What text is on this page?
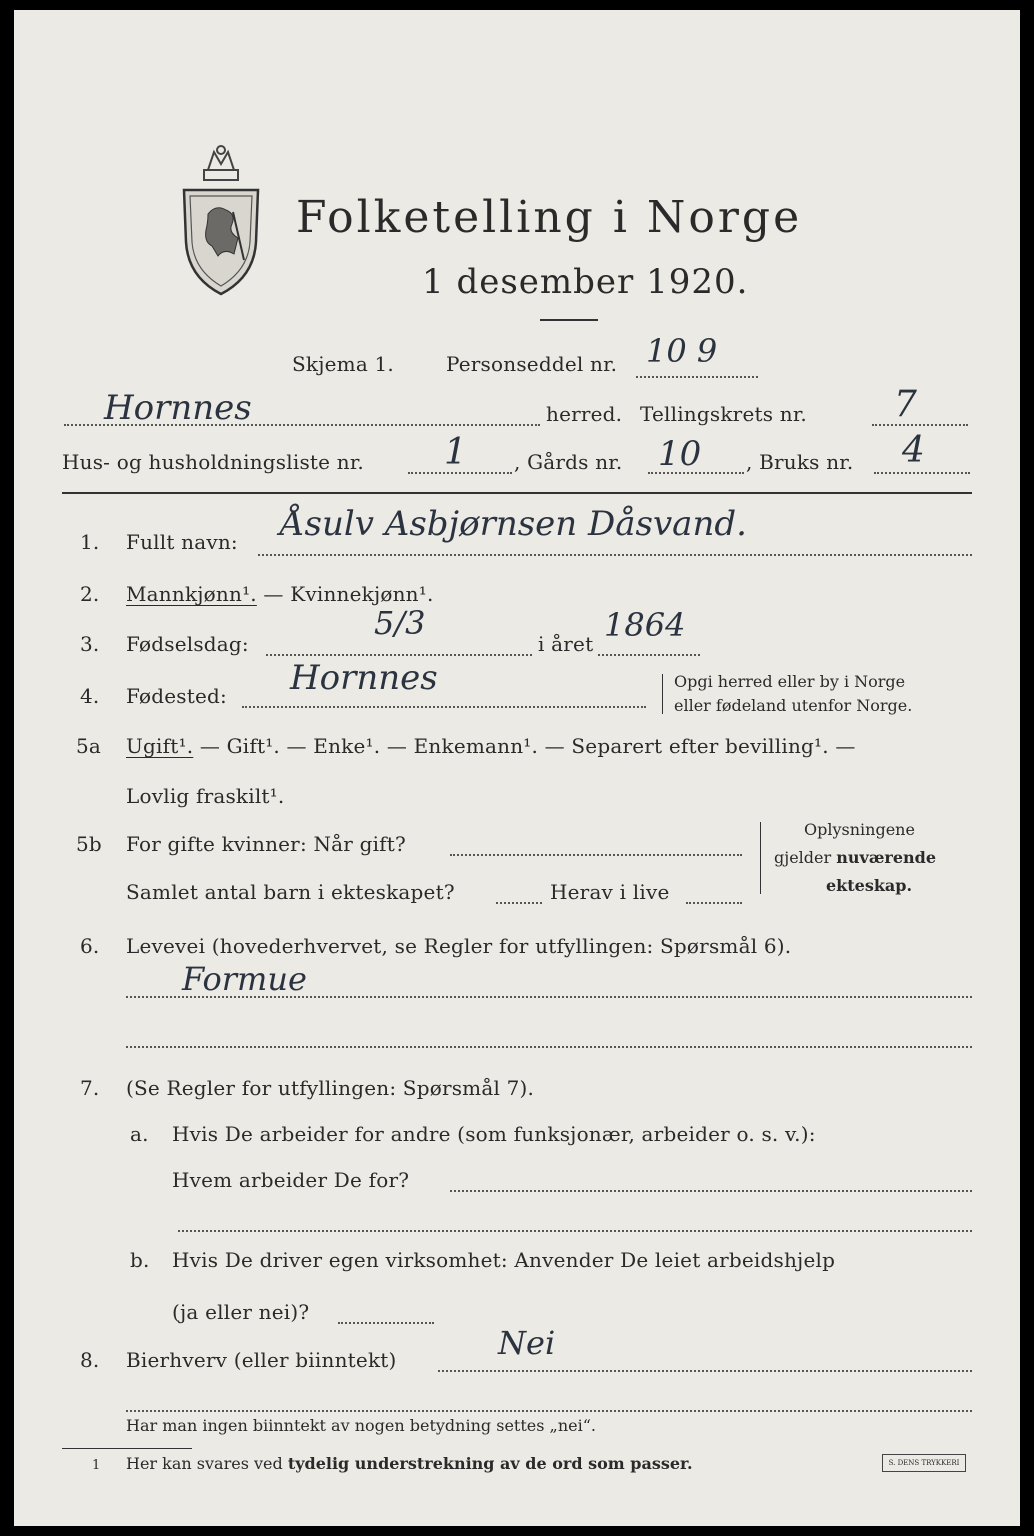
Folketelling i Norge
1 desember 1920.
Skjema 1.	Personseddel nr. 10 9
Hornnes	herred. Tellingskrets nr. 7
Hus- og husholdningsliste nr. 1 , Gårds nr. 10 , Bruks nr. 4
1. Fullt navn: Åsulv Asbjørnsen Dåsvand.
2. Mannkjønn¹. — Kvinnekjønn¹.
3. Fødselsdag:
5/3
i året 1864
4. Fødested: Hornnes	Opgi herred eller by i Norge
eller fødeland utenfor Norge.
5a Ugift¹. — Gift¹. — Enke¹. — Enkemann¹. — Separert efter bevilling¹. —
Lovlig fraskilt¹.
5b For gifte kvinner: Når gift?
Samlet antal barn i ekteskapet?	Herav i live
Oplysningene
gjelder nuværende
ekteskap.
6. Levevei (hovederhvervet, se Regler for utfyllingen: Spørsmål 6).
Formue
7. (Se Regler for utfyllingen: Spørsmål 7).
a. Hvis De arbeider for andre (som funksjonær, arbeider o. s. v.):
Hvem arbeider De for?
b. Hvis De driver egen virksomhet: Anvender De leiet arbeidshjelp
(ja eller nei)?
8. Bierhverv (eller biinntekt)	Nei
Har man ingen biinntekt av nogen betydning settes „nei“.
1 Her kan svares ved tydelig understrekning av de ord som passer.	S. DENS TRYKKERI
